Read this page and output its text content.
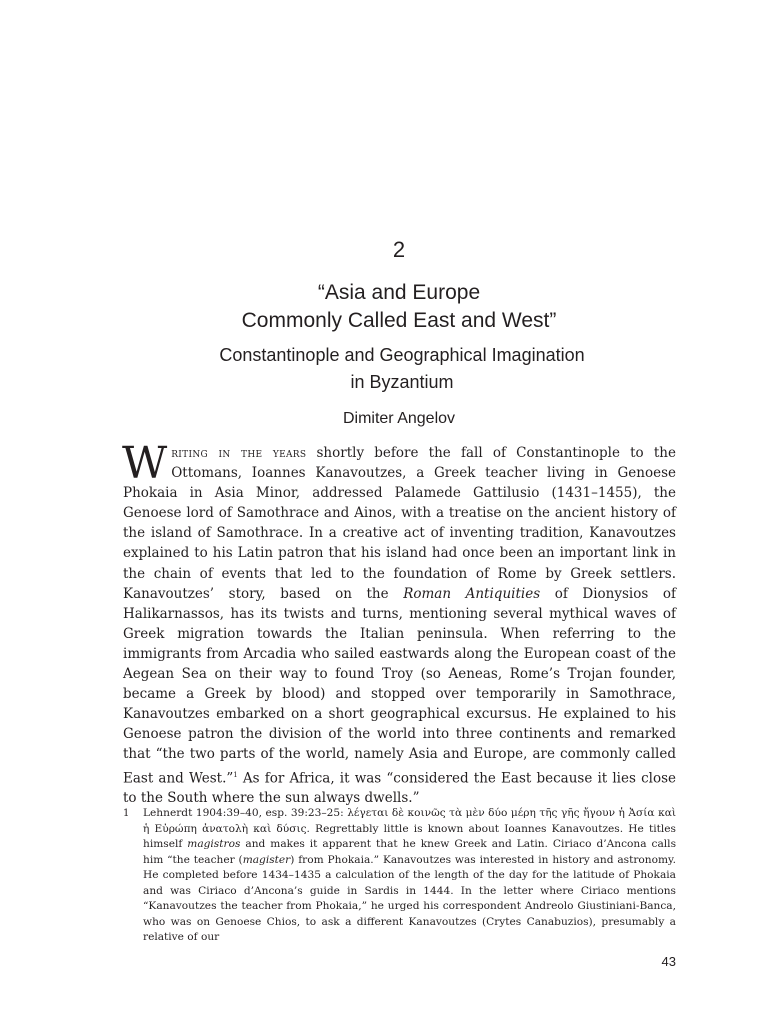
2
“Asia and Europe
Commonly Called East and West”
Constantinople and Geographical Imagination
in Byzantium
Dimiter Angelov

Writing in the years shortly before the fall of Constantinople to the Ottomans, Ioannes Kanavoutzes, a Greek teacher living in Genoese Phokaia in Asia Minor, addressed Palamede Gattilusio (1431–1455), the Genoese lord of Samothrace and Ainos, with a treatise on the ancient history of the island of Samothrace. In a creative act of inventing tradition, Kanavoutzes explained to his Latin patron that his island had once been an important link in the chain of events that led to the foundation of Rome by Greek settlers. Kanavoutzes’ story, based on the Roman Antiquities of Dionysios of Halikarnassos, has its twists and turns, mentioning several mythical waves of Greek migration towards the Italian peninsula. When referring to the immigrants from Arcadia who sailed eastwards along the European coast of the Aegean Sea on their way to found Troy (so Aeneas, Rome’s Trojan founder, became a Greek by blood) and stopped over temporarily in Samothrace, Kanavoutzes embarked on a short geographical excursus. He explained to his Genoese patron the division of the world into three continents and remarked that “the two parts of the world, namely Asia and Europe, are commonly called East and West.”$^1$ As for Africa, it was “considered the East because it lies close to the South where the sun always dwells.”

1 Lehnerdt 1904:39–40, esp. 39:23–25: λέγεται δὲ κοινῶς τὰ μὲν δύο μέρη τῆς γῆς ἤγουν ἡ Ἀσία καὶ ἡ Εὐρώπη ἀνατολὴ καὶ δύσις. Regrettably little is known about Ioannes Kanavoutzes. He titles himself magistros and makes it apparent that he knew Greek and Latin. Ciriaco d’Ancona calls him “the teacher (magister) from Phokaia.” Kanavoutzes was interested in history and astronomy. He completed before 1434–1435 a calculation of the length of the day for the latitude of Phokaia and was Ciriaco d’Ancona’s guide in Sardis in 1444. In the letter where Ciriaco mentions “Kanavoutzes the teacher from Phokaia,” he urged his correspondent Andreolo Giustiniani-Banca, who was on Genoese Chios, to ask a different Kanavoutzes (Crytes Canabuzios), presumably a relative of our

43
